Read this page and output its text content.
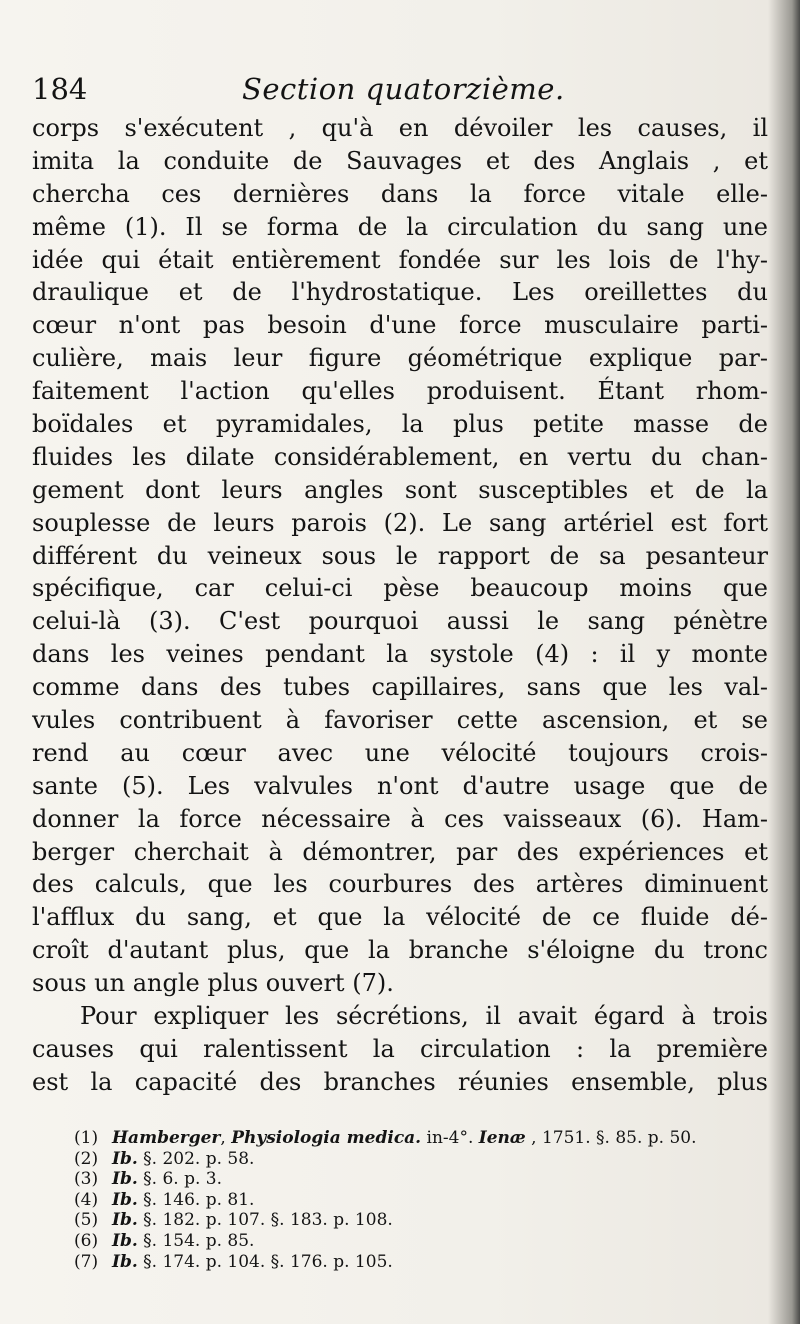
184	Section quatorzième.
corps s'exécutent , qu'à en dévoiler les causes, il
imita la conduite de Sauvages et des Anglais , et
chercha ces dernières dans la force vitale elle-
même (1). Il se forma de la circulation du sang une
idée qui était entièrement fondée sur les lois de l'hy-
draulique et de l'hydrostatique. Les oreillettes du
cœur n'ont pas besoin d'une force musculaire parti-
culière, mais leur figure géométrique explique par-
faitement l'action qu'elles produisent. Étant rhom-
boïdales et pyramidales, la plus petite masse de
fluides les dilate considérablement, en vertu du chan-
gement dont leurs angles sont susceptibles et de la
souplesse de leurs parois (2). Le sang artériel est fort
différent du veineux sous le rapport de sa pesanteur
spécifique, car celui-ci pèse beaucoup moins que
celui-là (3). C'est pourquoi aussi le sang pénètre
dans les veines pendant la systole (4) : il y monte
comme dans des tubes capillaires, sans que les val-
vules contribuent à favoriser cette ascension, et se
rend au cœur avec une vélocité toujours crois-
sante (5). Les valvules n'ont d'autre usage que de
donner la force nécessaire à ces vaisseaux (6). Ham-
berger cherchait à démontrer, par des expériences et
des calculs, que les courbures des artères diminuent
l'afflux du sang, et que la vélocité de ce fluide dé-
croît d'autant plus, que la branche s'éloigne du tronc
sous un angle plus ouvert (7).
Pour expliquer les sécrétions, il avait égard à trois
causes qui ralentissent la circulation : la première
est la capacité des branches réunies ensemble, plus
(1) Hamberger, Physiologia medica. in-4°. Ienæ , 1751. §. 85. p. 50.
(2) Ib. §. 202. p. 58.
(3) Ib. §. 6. p. 3.
(4) Ib. §. 146. p. 81.
(5) Ib. §. 182. p. 107. §. 183. p. 108.
(6) Ib. §. 154. p. 85.
(7) Ib. §. 174. p. 104. §. 176. p. 105.
